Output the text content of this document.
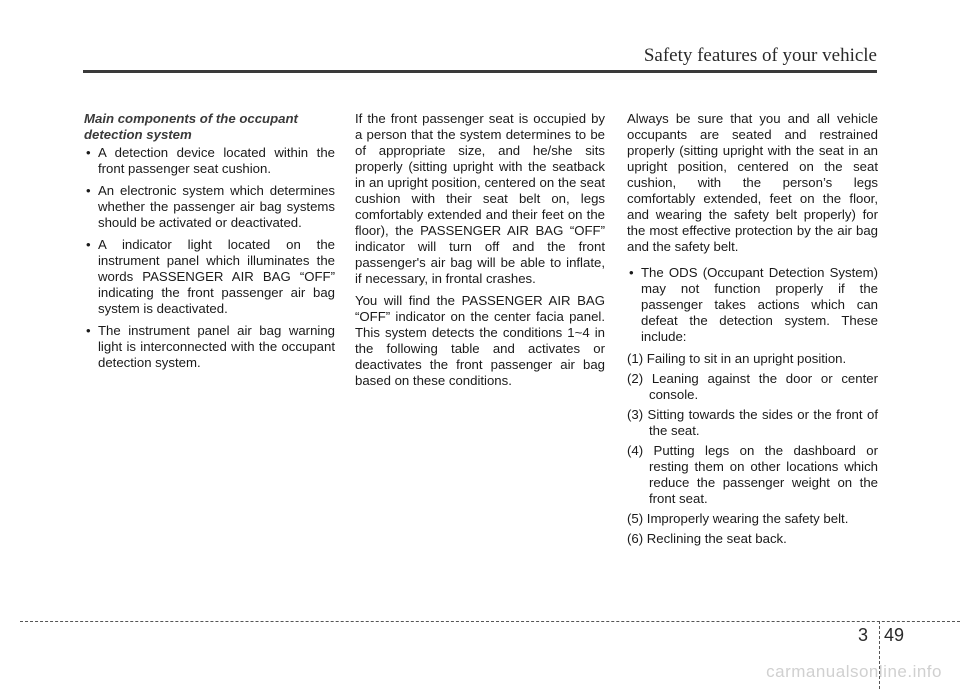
Safety features of your vehicle
Main components of the occupant detection system
• A detection device located within the front passenger seat cushion.
• An electronic system which determines whether the passenger air bag systems should be activated or deactivated.
• A indicator light located on the instrument panel which illuminates the words PASSENGER AIR BAG “OFF” indicating the front passenger air bag system is deactivated.
• The instrument panel air bag warning light is interconnected with the occupant detection system.

If the front passenger seat is occupied by a person that the system determines to be of appropriate size, and he/she sits properly (sitting upright with the seatback in an upright position, centered on the seat cushion with their seat belt on, legs comfortably extended and their feet on the floor), the PASSENGER AIR BAG “OFF” indicator will turn off and the front passenger's air bag will be able to inflate, if necessary, in frontal crashes.

You will find the PASSENGER AIR BAG “OFF” indicator on the center facia panel. This system detects the conditions 1~4 in the following table and activates or deactivates the front passenger air bag based on these conditions.

Always be sure that you and all vehicle occupants are seated and restrained properly (sitting upright with the seat in an upright position, centered on the seat cushion, with the person’s legs comfortably extended, feet on the floor, and wearing the safety belt properly) for the most effective protection by the air bag and the safety belt.

• The ODS (Occupant Detection System) may not function properly if the passenger takes actions which can defeat the detection system. These include:
(1) Failing to sit in an upright position.
(2) Leaning against the door or center console.
(3) Sitting towards the sides or the front of the seat.
(4) Putting legs on the dashboard or resting them on other locations which reduce the passenger weight on the front seat.
(5) Improperly wearing the safety belt.
(6) Reclining the seat back.
3 49
carmanualsonline.info
